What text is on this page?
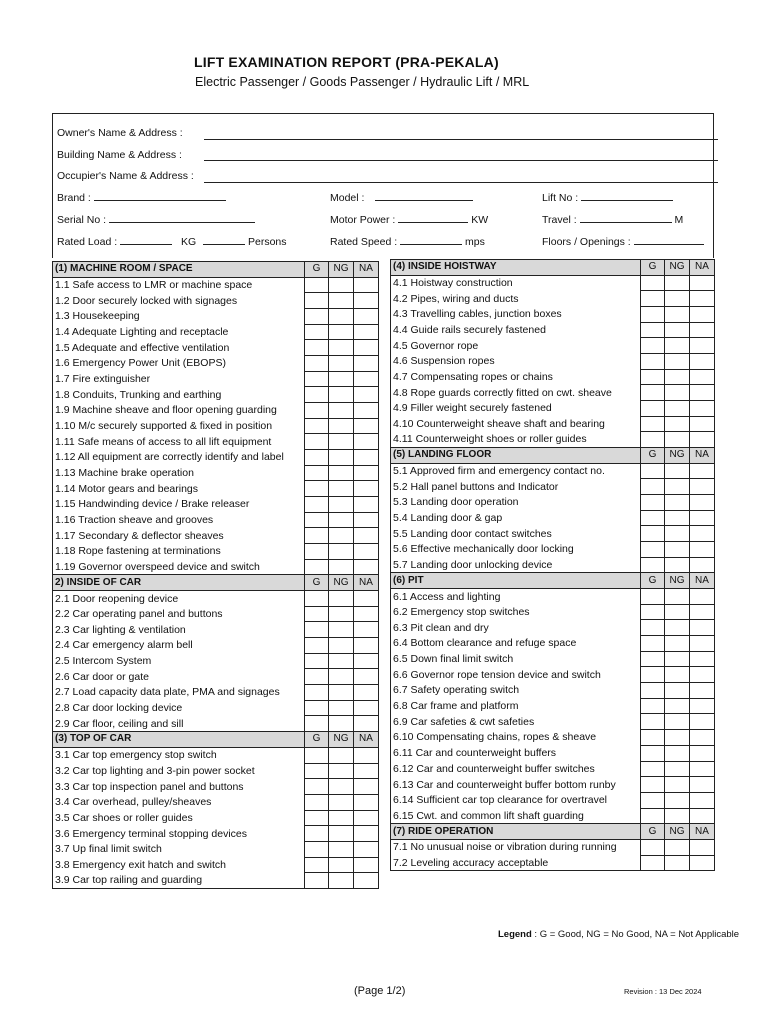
LIFT EXAMINATION REPORT (PRA-PEKALA)
Electric Passenger / Goods Passenger / Hydraulic Lift / MRL
Owner's Name & Address :
Building Name & Address :
Occupier's Name & Address :
Brand :	Model :	Lift No :
Serial No :	Motor Power :	KW	Travel :	M
Rated Load :	KG	Persons	Rated Speed :	mps	Floors / Openings :
(1) MACHINE ROOM / SPACE	G	NG	NA
1.1 Safe access to LMR or machine space			
1.2 Door securely locked with signages			
1.3 Housekeeping			
1.4 Adequate Lighting and receptacle			
1.5 Adequate and effective ventilation			
1.6 Emergency Power Unit (EBOPS)			
1.7 Fire extinguisher			
1.8 Conduits, Trunking and earthing			
1.9 Machine sheave and floor opening guarding			
1.10 M/c securely supported & fixed in position			
1.11 Safe means of access to all lift equipment			
1.12 All equipment are correctly identify and label			
1.13 Machine brake operation			
1.14 Motor gears and bearings			
1.15 Handwinding device / Brake releaser			
1.16 Traction sheave and grooves			
1.17 Secondary & deflector sheaves			
1.18 Rope fastening at terminations			
1.19 Governor overspeed device and switch			
2) INSIDE OF CAR	G	NG	NA
2.1 Door reopening device			
2.2 Car operating panel and buttons			
2.3 Car lighting & ventilation			
2.4 Car emergency alarm bell			
2.5 Intercom System			
2.6 Car door or gate			
2.7 Load capacity data plate, PMA and signages			
2.8 Car door locking device			
2.9 Car floor, ceiling and sill			
(3) TOP OF CAR	G	NG	NA
3.1 Car top emergency stop switch			
3.2 Car top lighting and 3-pin power socket			
3.3 Car top inspection panel and buttons			
3.4 Car overhead, pulley/sheaves			
3.5 Car shoes or roller guides			
3.6 Emergency terminal stopping devices			
3.7 Up final limit switch			
3.8 Emergency exit hatch and switch			
3.9 Car top railing and guarding			
(4) INSIDE HOISTWAY	G	NG	NA
4.1 Hoistway construction			
4.2 Pipes, wiring and ducts			
4.3 Travelling cables, junction boxes			
4.4 Guide rails securely fastened			
4.5 Governor rope			
4.6 Suspension ropes			
4.7 Compensating ropes or chains			
4.8 Rope guards correctly fitted on cwt. sheave			
4.9 Filler weight securely fastened			
4.10 Counterweight sheave shaft and bearing			
4.11 Counterweight shoes or roller guides			
(5) LANDING FLOOR	G	NG	NA
5.1 Approved firm and emergency contact no.			
5.2 Hall panel buttons and Indicator			
5.3 Landing door operation			
5.4 Landing door & gap			
5.5 Landing door contact switches			
5.6 Effective mechanically door locking			
5.7 Landing door unlocking device			
(6) PIT	G	NG	NA
6.1 Access and lighting			
6.2 Emergency stop switches			
6.3 Pit clean and dry			
6.4 Bottom clearance and refuge space			
6.5 Down final limit switch			
6.6 Governor rope tension device and switch			
6.7 Safety operating switch			
6.8 Car frame and platform			
6.9 Car safeties & cwt safeties			
6.10 Compensating chains, ropes & sheave			
6.11 Car and counterweight buffers			
6.12 Car and counterweight buffer switches			
6.13 Car and counterweight buffer bottom runby			
6.14 Sufficient car top clearance for overtravel			
6.15 Cwt. and common lift shaft guarding			
(7) RIDE OPERATION	G	NG	NA
7.1 No unusual noise or vibration during running			
7.2 Leveling accuracy acceptable			
Legend : G = Good, NG = No Good, NA = Not Applicable
(Page 1/2)	Revision : 13 Dec 2024
